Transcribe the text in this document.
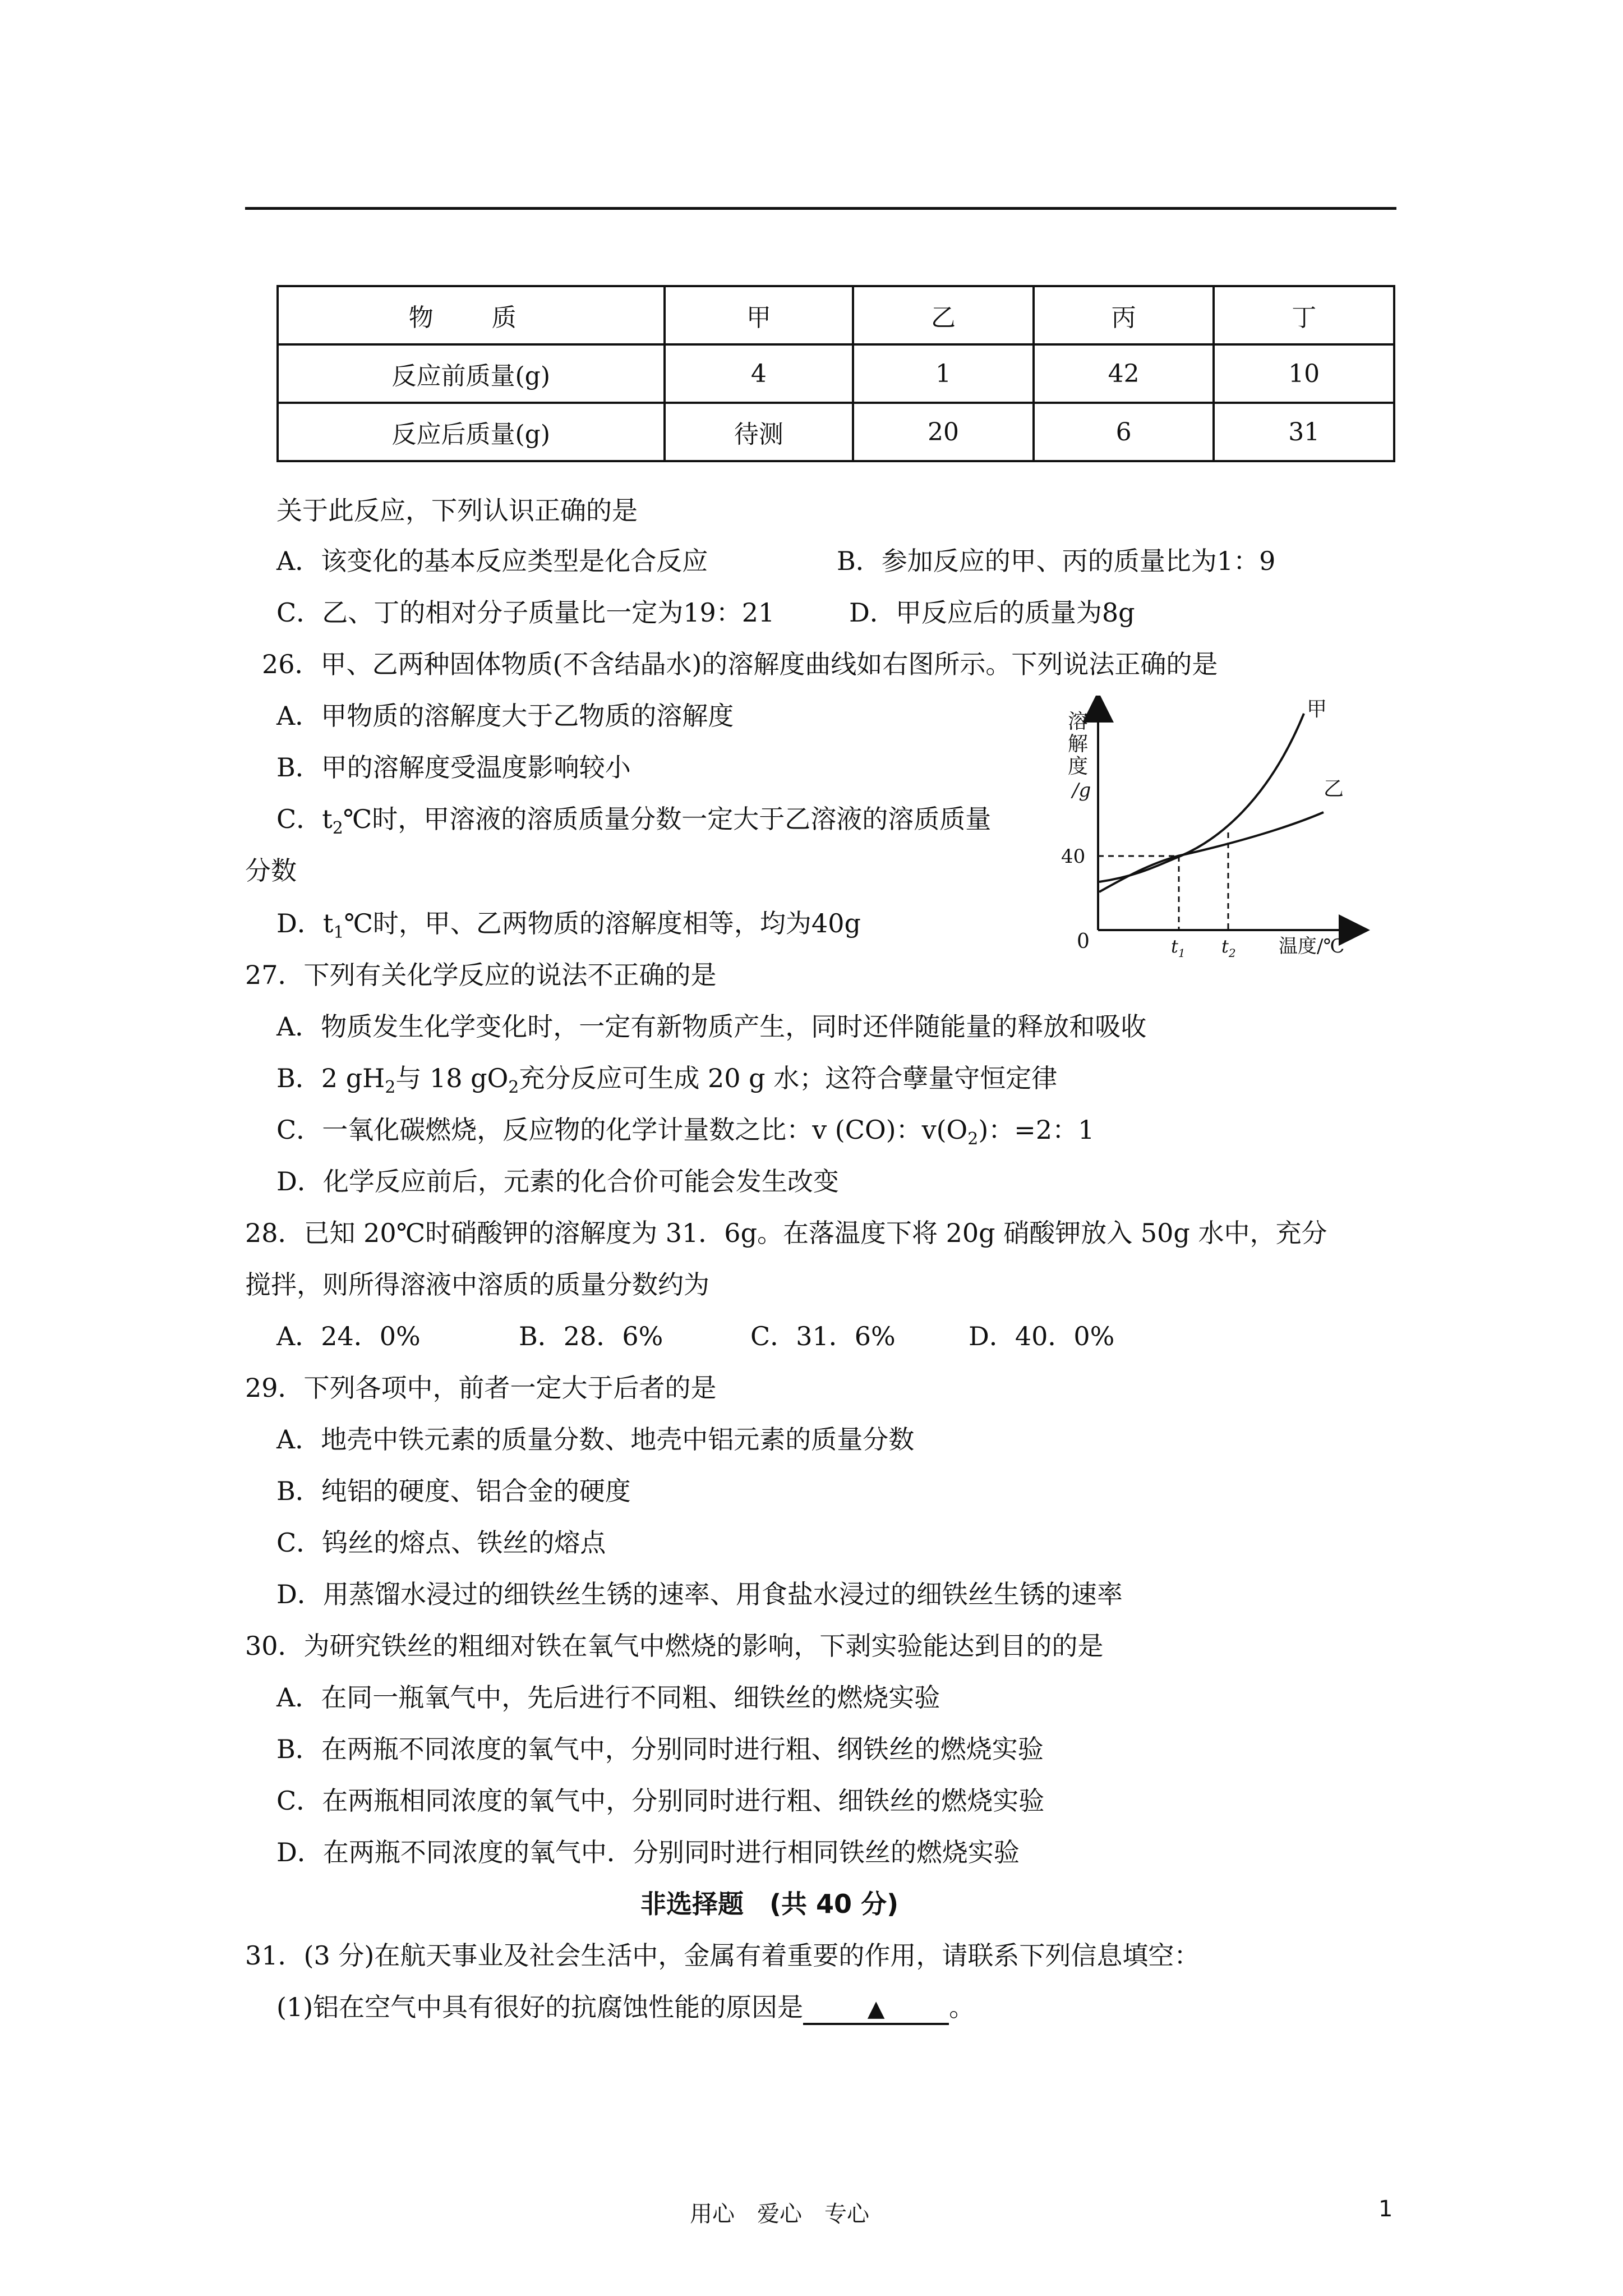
物　质	甲	乙	丙	丁
反应前质量(g)	4	1	42	10
反应后质量(g)	待测	20	6	31
关于此反应，下列认识正确的是
A．该变化的基本反应类型是化合反应	B．参加反应的甲、丙的质量比为1：9
C．乙、丁的相对分子质量比一定为19：21	D．甲反应后的质量为8g
26．甲、乙两种固体物质(不含结晶水)的溶解度曲线如右图所示。下列说法正确的是
A．甲物质的溶解度大于乙物质的溶解度
B．甲的溶解度受温度影响较小
C．$t_2℃$时，甲溶液的溶质质量分数一定大于乙溶液的溶质质量
分数
D．$t_1℃$时，甲、乙两物质的溶解度相等，均为40g
溶
解
度
/g
40
0	$t_1$ $t_2$ 温度/℃
甲
乙
27．下列有关化学反应的说法不正确的是
A．物质发生化学变化时，一定有新物质产生，同时还伴随能量的释放和吸收
B．2 $gH_2$与 18 $gO_2$充分反应可生成 20 g 水；这符合孽量守恒定律
C．一氧化碳燃烧，反应物的化学计量数之比：v (CO)：$v(O_2)$：=2：1
D．化学反应前后，元素的化合价可能会发生改变
28．已知 20℃时硝酸钾的溶解度为 31．6g。在落温度下将 20g 硝酸钾放入 50g 水中，充分
搅拌，则所得溶液中溶质的质量分数约为
A．24．0%	B．28．6%	C．31．6%	D．40．0%
29．下列各项中，前者一定大于后者的是
A．地壳中铁元素的质量分数、地壳中铝元素的质量分数
B．纯铝的硬度、铝合金的硬度
C．钨丝的熔点、铁丝的熔点
D．用蒸馏水浸过的细铁丝生锈的速率、用食盐水浸过的细铁丝生锈的速率
30．为研究铁丝的粗细对铁在氧气中燃烧的影响，下剥实验能达到目的的是
A．在同一瓶氧气中，先后进行不同粗、细铁丝的燃烧实验
B．在两瓶不同浓度的氧气中，分别同时进行粗、纲铁丝的燃烧实验
C．在两瓶相同浓度的氧气中，分别同时进行粗、细铁丝的燃烧实验
D．在两瓶不同浓度的氧气中．分别同时进行相同铁丝的燃烧实验
非选择题　(共 40 分)
31．(3 分)在航天事业及社会生活中，金属有着重要的作用，请联系下列信息填空：
(1)铝在空气中具有很好的抗腐蚀性能的原因是	▲ 。
用心　爱心　专心	1
